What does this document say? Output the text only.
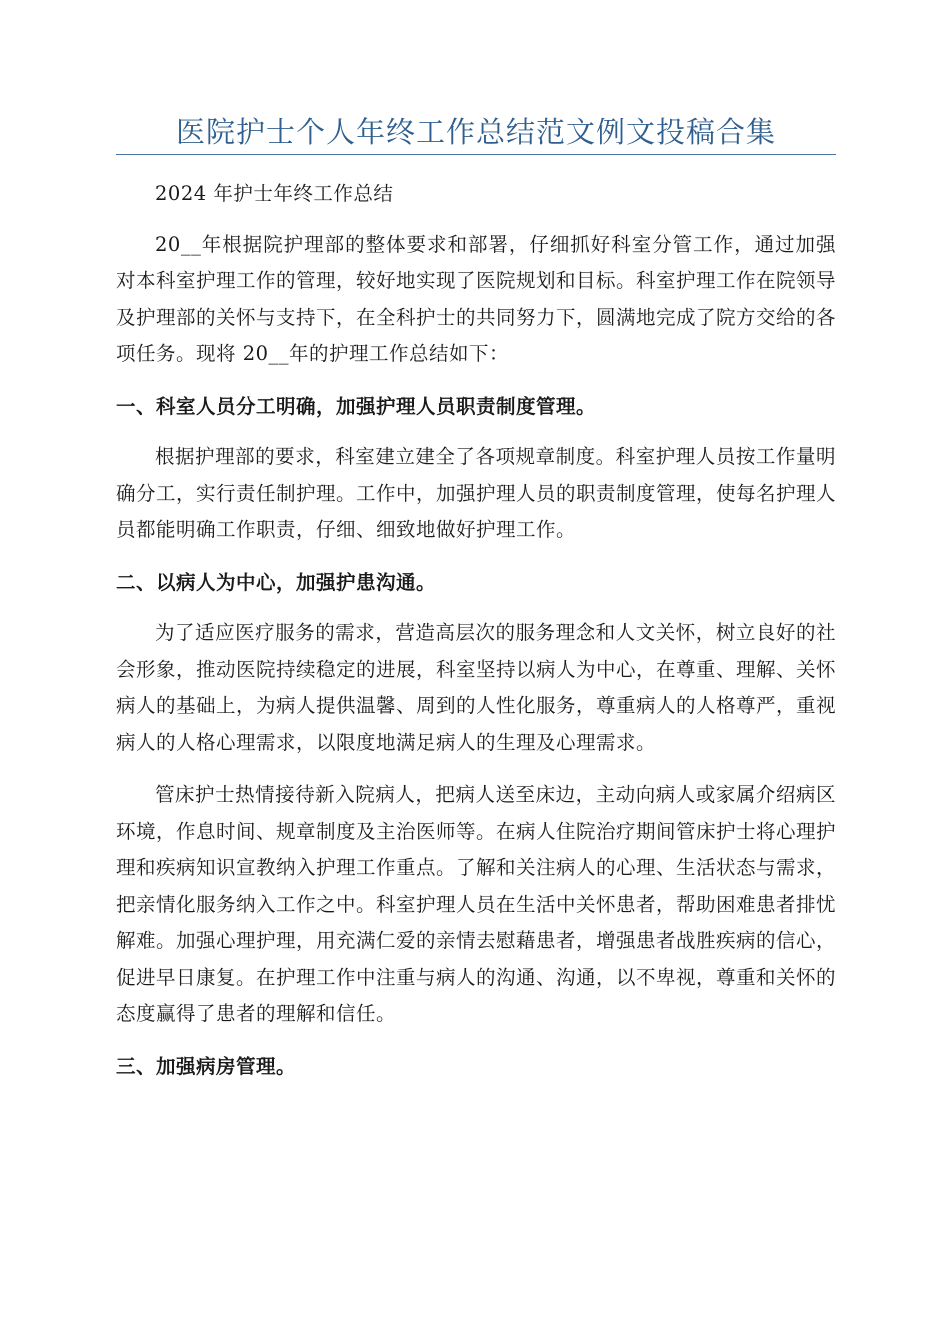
医院护士个人年终工作总结范文例文投稿合集

2024 年护士年终工作总结

20__年根据院护理部的整体要求和部署，仔细抓好科室分管工作，通过加强对本科室护理工作的管理，较好地实现了医院规划和目标。科室护理工作在院领导及护理部的关怀与支持下，在全科护士的共同努力下，圆满地完成了院方交给的各项任务。现将 20__年的护理工作总结如下：

一、科室人员分工明确，加强护理人员职责制度管理。

根据护理部的要求，科室建立建全了各项规章制度。科室护理人员按工作量明确分工，实行责任制护理。工作中，加强护理人员的职责制度管理，使每名护理人员都能明确工作职责，仔细、细致地做好护理工作。

二、以病人为中心，加强护患沟通。

为了适应医疗服务的需求，营造高层次的服务理念和人文关怀，树立良好的社会形象，推动医院持续稳定的进展，科室坚持以病人为中心，在尊重、理解、关怀病人的基础上，为病人提供温馨、周到的人性化服务，尊重病人的人格尊严，重视病人的人格心理需求，以限度地满足病人的生理及心理需求。

管床护士热情接待新入院病人，把病人送至床边，主动向病人或家属介绍病区环境，作息时间、规章制度及主治医师等。在病人住院治疗期间管床护士将心理护理和疾病知识宣教纳入护理工作重点。了解和关注病人的心理、生活状态与需求，把亲情化服务纳入工作之中。科室护理人员在生活中关怀患者，帮助困难患者排忧解难。加强心理护理，用充满仁爱的亲情去慰藉患者，增强患者战胜疾病的信心，促进早日康复。在护理工作中注重与病人的沟通、沟通，以不卑视，尊重和关怀的态度赢得了患者的理解和信任。

三、加强病房管理。
